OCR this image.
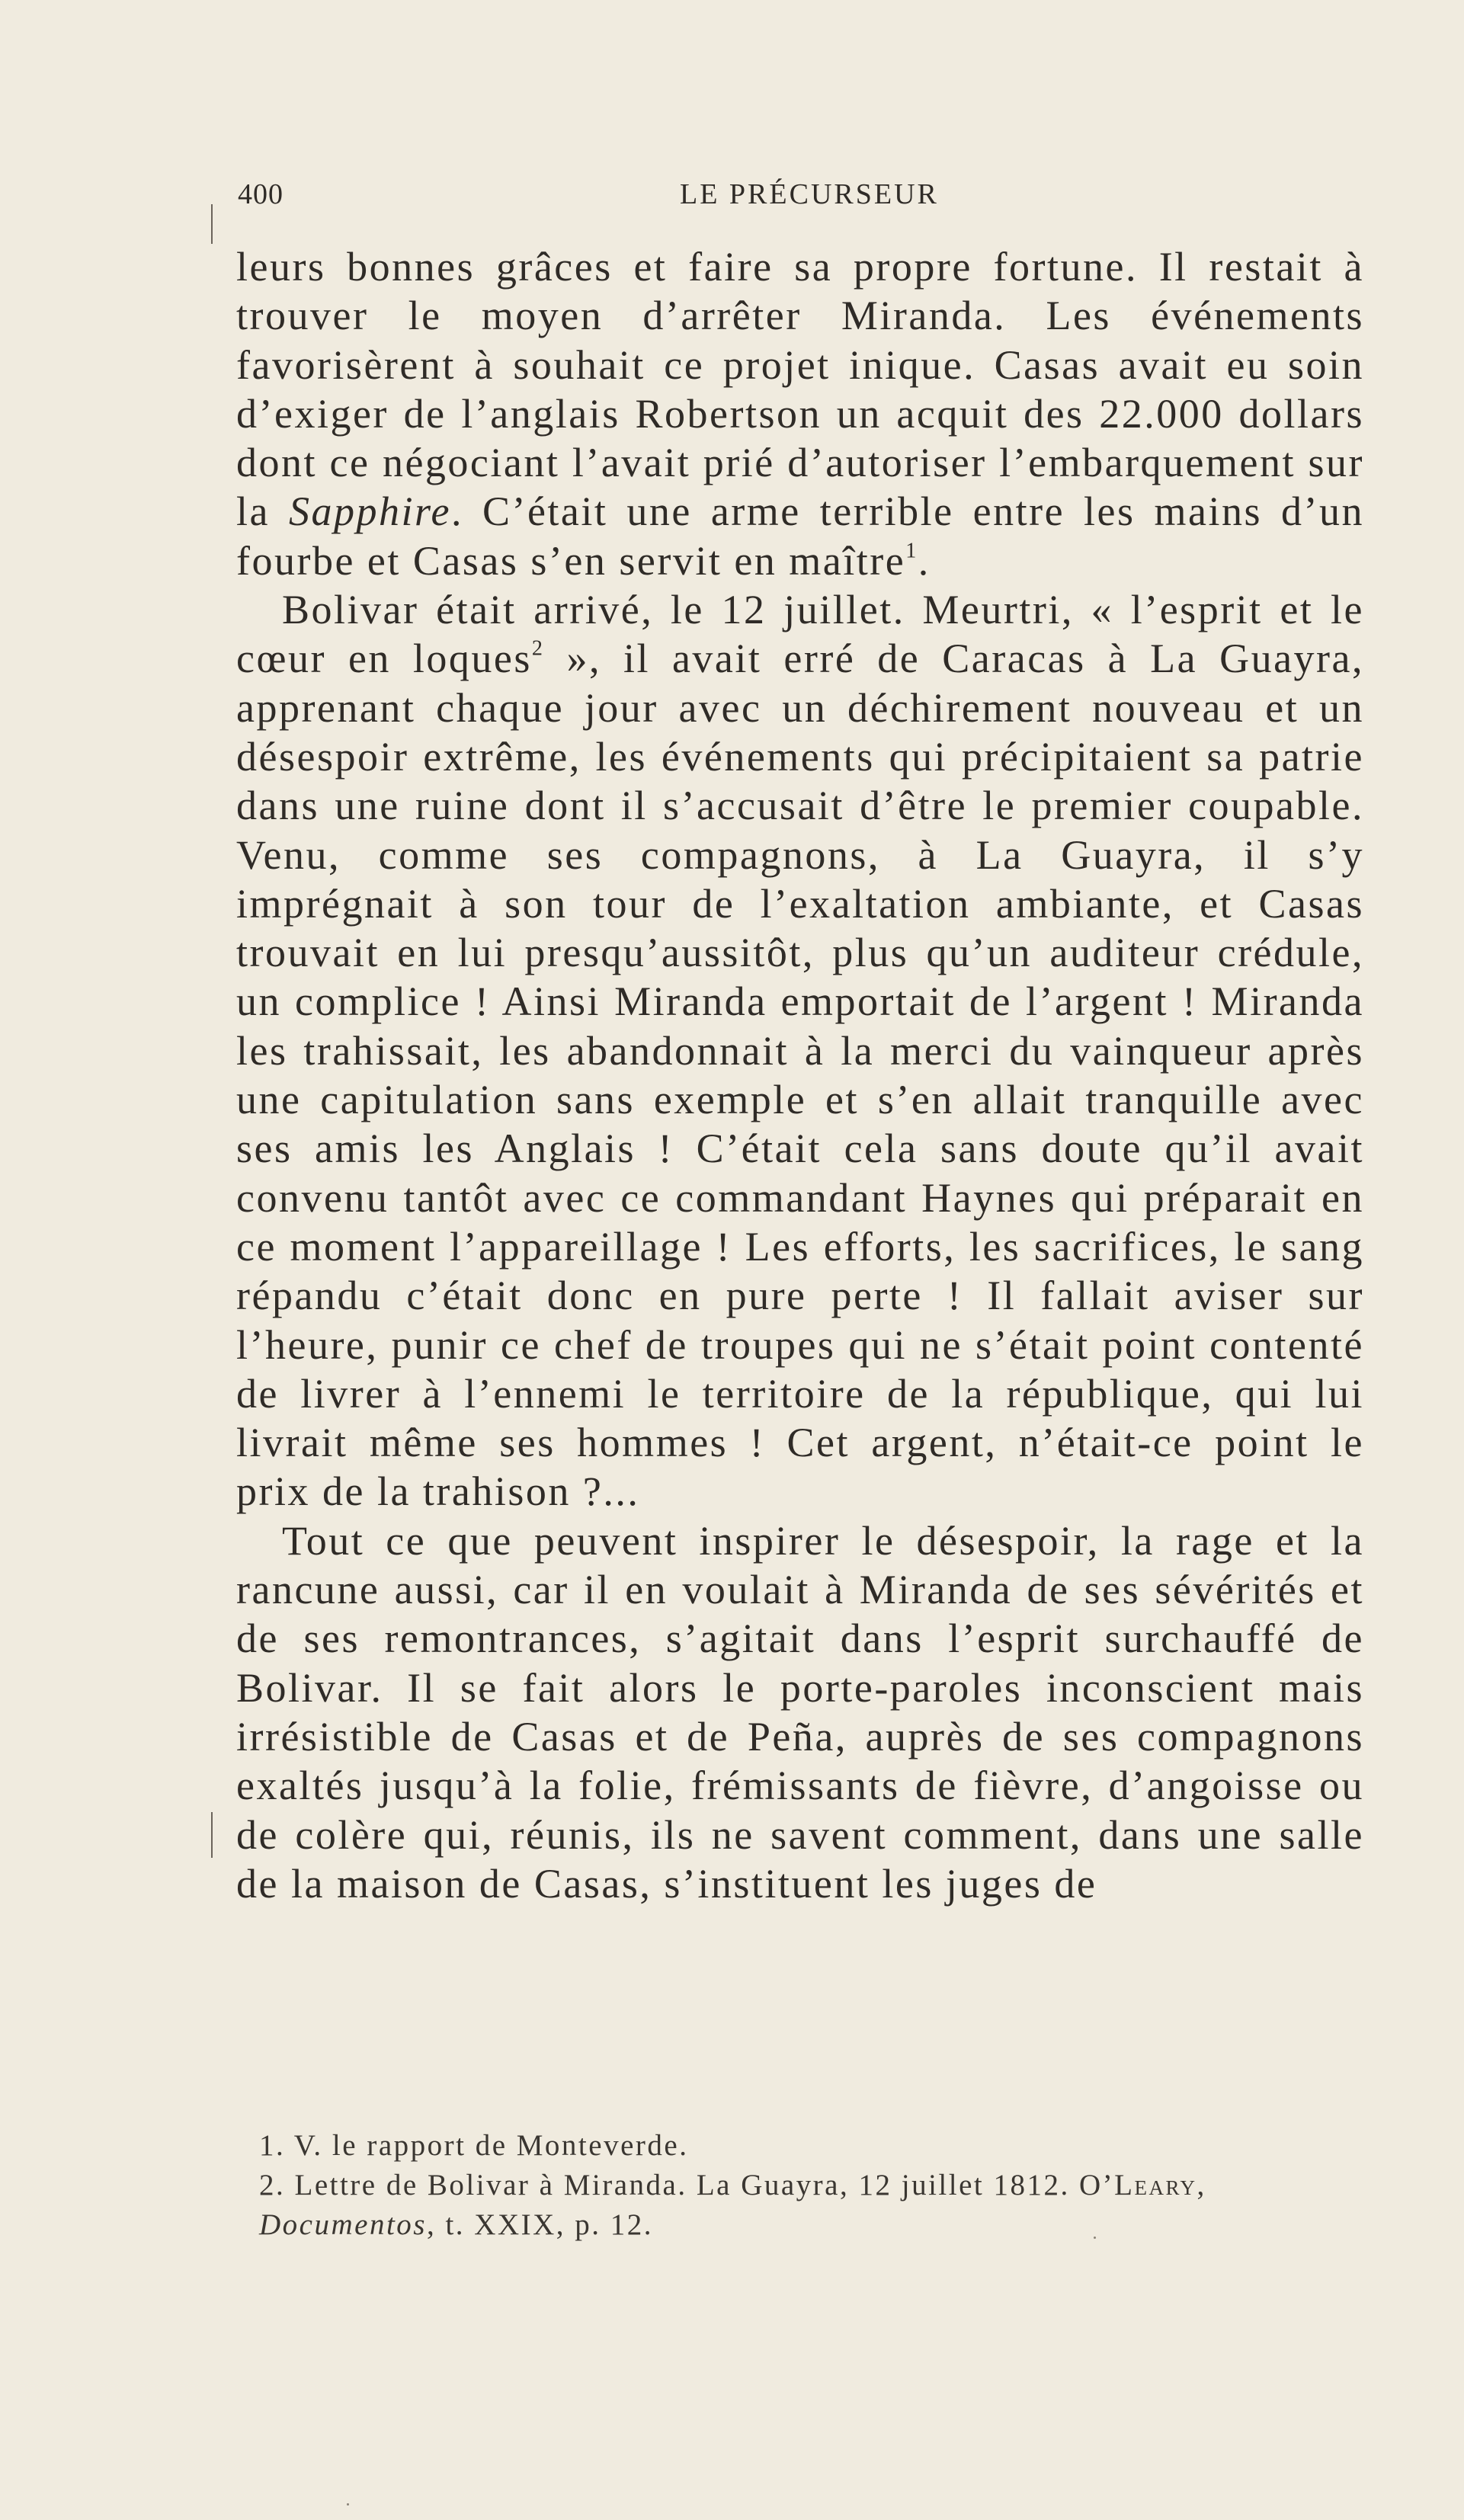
400	LE PRÉCURSEUR

leurs bonnes grâces et faire sa propre fortune. Il restait à trouver le moyen d’arrêter Miranda. Les événements favorisèrent à souhait ce projet inique. Casas avait eu soin d’exiger de l’anglais Robertson un acquit des 22.000 dollars dont ce négociant l’avait prié d’autoriser l’embarquement sur la Sapphire. C’était une arme terrible entre les mains d’un fourbe et Casas s’en servit en maître$^1$.

Bolivar était arrivé, le 12 juillet. Meurtri, « l’esprit et le cœur en loques$^2$ », il avait erré de Caracas à La Guayra, apprenant chaque jour avec un déchirement nouveau et un désespoir extrême, les événements qui précipitaient sa patrie dans une ruine dont il s’accusait d’être le premier coupable. Venu, comme ses compagnons, à La Guayra, il s’y imprégnait à son tour de l’exaltation ambiante, et Casas trouvait en lui presqu’aussitôt, plus qu’un auditeur crédule, un complice ! Ainsi Miranda emportait de l’argent ! Miranda les trahissait, les abandonnait à la merci du vainqueur après une capitulation sans exemple et s’en allait tranquille avec ses amis les Anglais ! C’était cela sans doute qu’il avait convenu tantôt avec ce commandant Haynes qui préparait en ce moment l’appareillage ! Les efforts, les sacrifices, le sang répandu c’était donc en pure perte ! Il fallait aviser sur l’heure, punir ce chef de troupes qui ne s’était point contenté de livrer à l’ennemi le territoire de la république, qui lui livrait même ses hommes ! Cet argent, n’était-ce point le prix de la trahison ?...

Tout ce que peuvent inspirer le désespoir, la rage et la rancune aussi, car il en voulait à Miranda de ses sévérités et de ses remontrances, s’agitait dans l’esprit surchauffé de Bolivar. Il se fait alors le porte-paroles inconscient mais irrésistible de Casas et de Peña, auprès de ses compagnons exaltés jusqu’à la folie, frémissants de fièvre, d’angoisse ou de colère qui, réunis, ils ne savent comment, dans une salle de la maison de Casas, s’instituent les juges de

1. V. le rapport de Monteverde.

2. Lettre de Bolivar à Miranda. La Guayra, 12 juillet 1812. O’Leary, Documentos, t. XXIX, p. 12.
